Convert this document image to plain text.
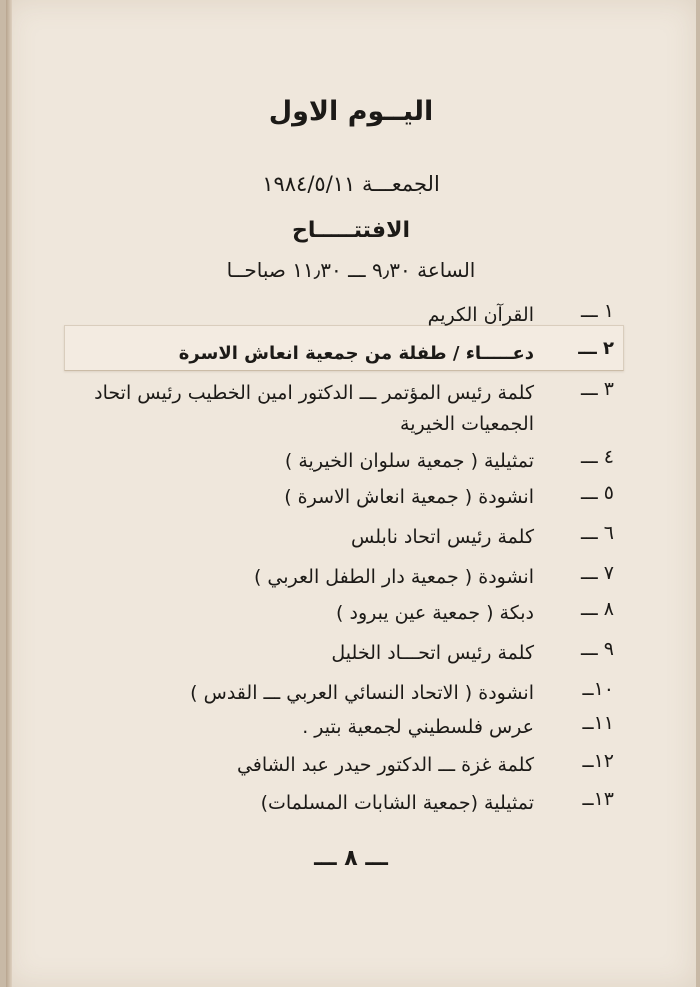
اليــوم الاول
الجمعـــة ١٩٨٤/٥/١١
الافتتـــــاح
الساعة ٩٫٣٠ ـــ ١١٫٣٠ صباحــا
١ ـــ
القرآن الكريم
٢ ـــ
دعـــــاء / طفلة من جمعية انعاش الاسرة
٣ ـــ
كلمة رئيس المؤتمر ـــ الدكتور امين الخطيب رئيس اتحاد الجمعيات الخيرية
٤ ـــ
تمثيلية ( جمعية سلوان الخيرية )
٥ ـــ
انشودة ( جمعية انعاش الاسرة )
٦ ـــ
كلمة رئيس اتحاد نابلس
٧ ـــ
انشودة ( جمعية دار الطفل العربي )
٨ ـــ
دبكة ( جمعية عين يبرود )
٩ ـــ
كلمة رئيس اتحـــاد الخليل
١٠ــ
انشودة ( الاتحاد النسائي العربي ـــ القدس )
١١ــ
عرس فلسطيني لجمعية بتير .
١٢ــ
كلمة غزة ـــ الدكتور حيدر عبد الشافي
١٣ــ
تمثيلية (جمعية الشابات المسلمات)
ـــ ٨ ـــ
